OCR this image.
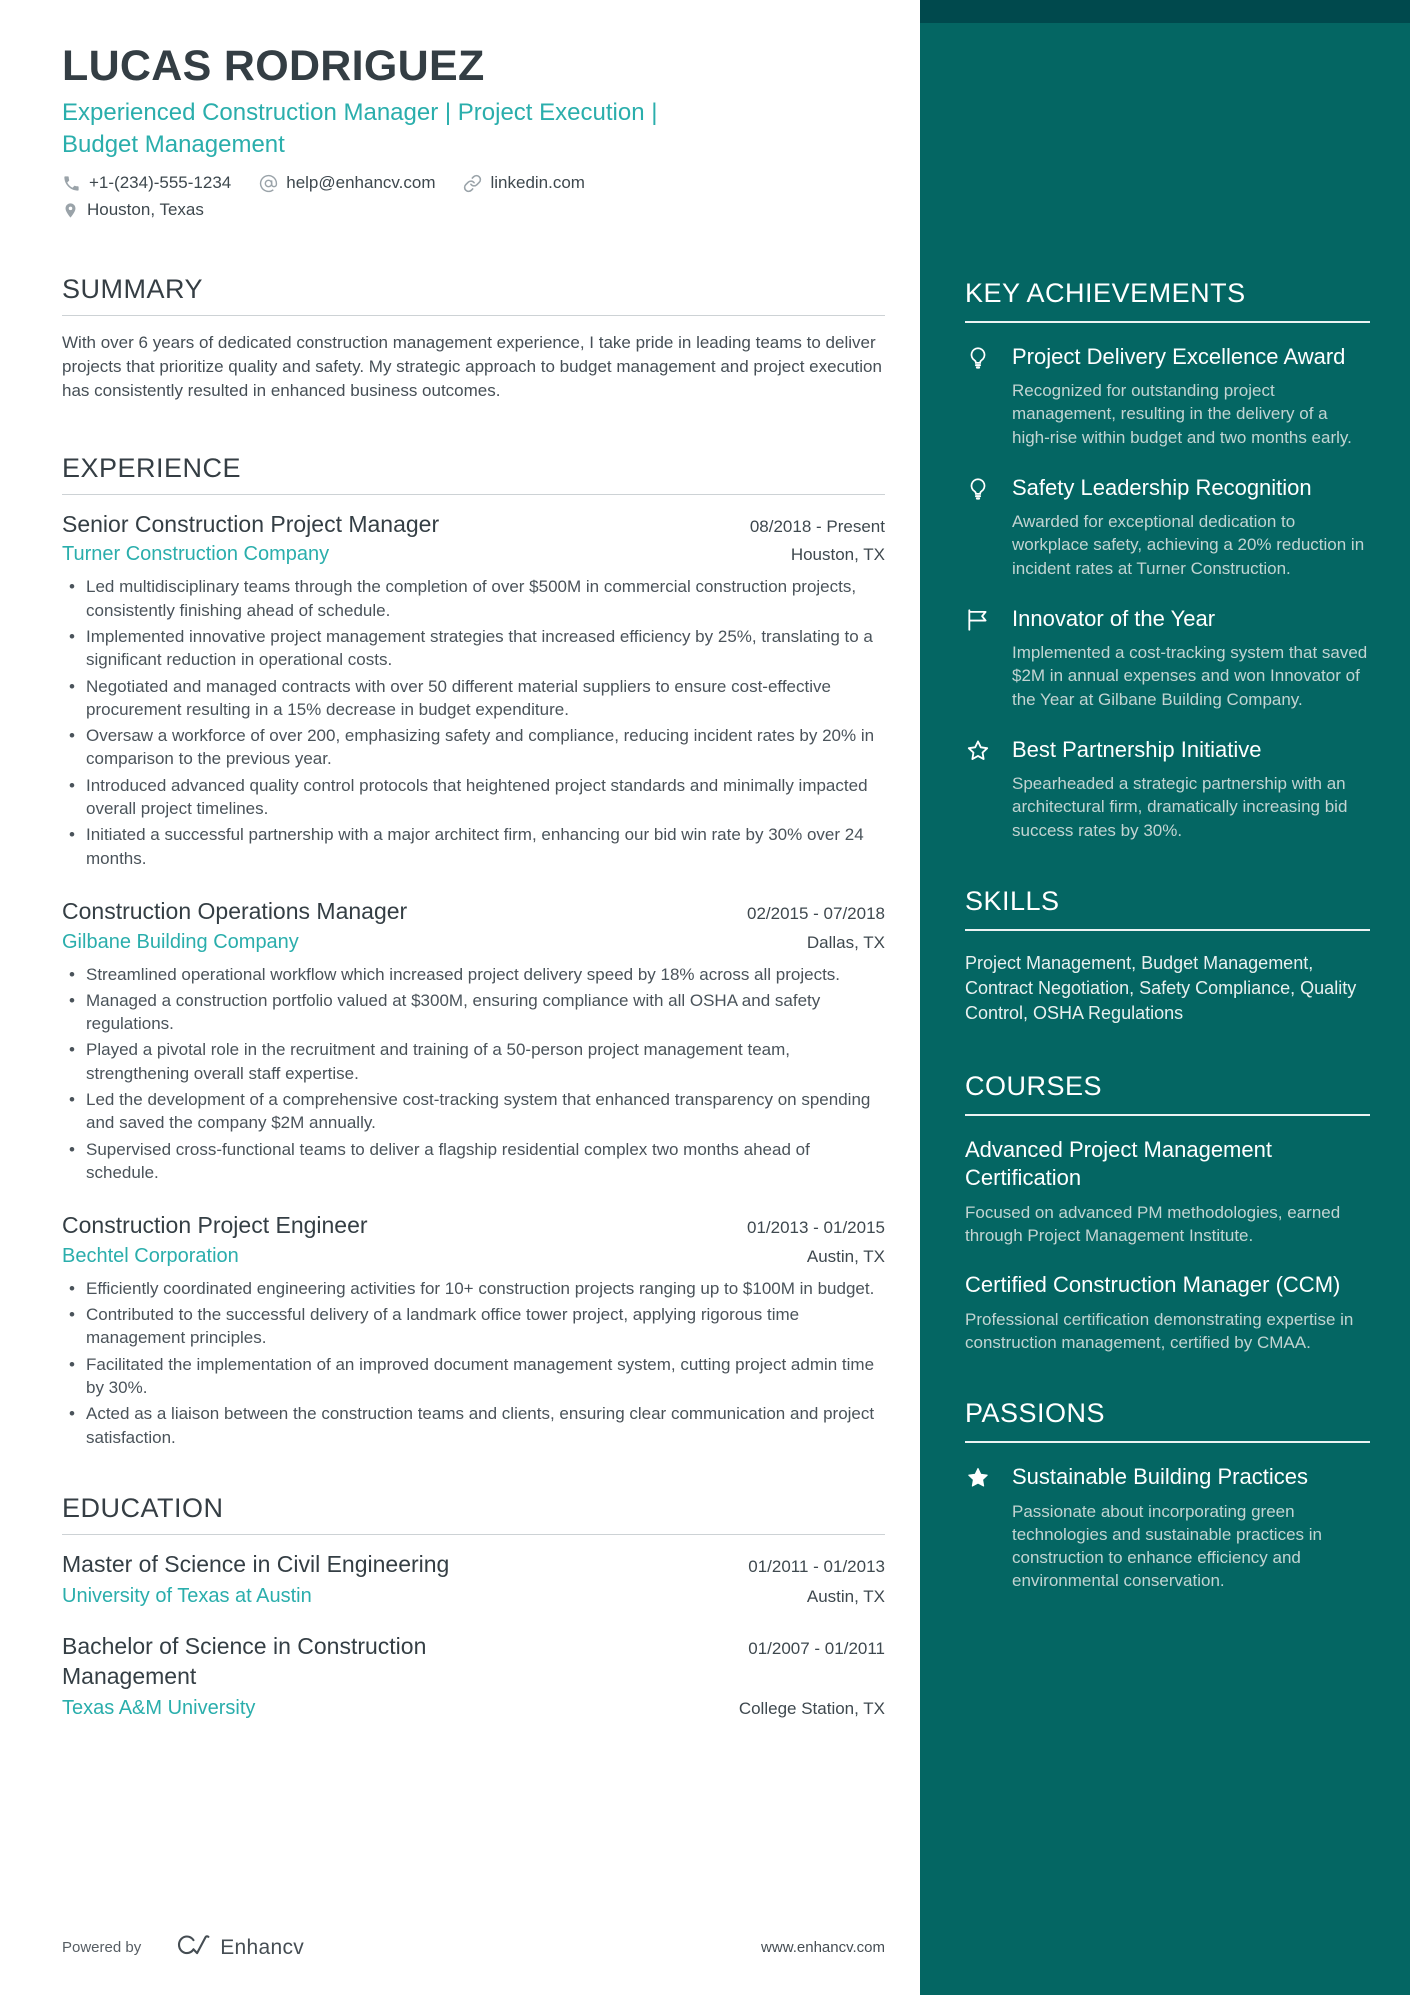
LUCAS RODRIGUEZ
Experienced Construction Manager | Project Execution | Budget Management
+1-(234)-555-1234	help@enhancv.com	linkedin.com
Houston, Texas
SUMMARY

With over 6 years of dedicated construction management experience, I take pride in leading teams to deliver projects that prioritize quality and safety. My strategic approach to budget management and project execution has consistently resulted in enhanced business outcomes.

EXPERIENCE
Senior Construction Project Manager	08/2018 - Present
Turner Construction Company	Houston, TX
• Led multidisciplinary teams through the completion of over $500M in commercial construction projects, consistently finishing ahead of schedule.
• Implemented innovative project management strategies that increased efficiency by 25%, translating to a significant reduction in operational costs.
• Negotiated and managed contracts with over 50 different material suppliers to ensure cost-effective procurement resulting in a 15% decrease in budget expenditure.
• Oversaw a workforce of over 200, emphasizing safety and compliance, reducing incident rates by 20% in comparison to the previous year.
• Introduced advanced quality control protocols that heightened project standards and minimally impacted overall project timelines.
• Initiated a successful partnership with a major architect firm, enhancing our bid win rate by 30% over 24 months.
Construction Operations Manager	02/2015 - 07/2018
Gilbane Building Company	Dallas, TX
• Streamlined operational workflow which increased project delivery speed by 18% across all projects.
• Managed a construction portfolio valued at $300M, ensuring compliance with all OSHA and safety regulations.
• Played a pivotal role in the recruitment and training of a 50-person project management team, strengthening overall staff expertise.
• Led the development of a comprehensive cost-tracking system that enhanced transparency on spending and saved the company $2M annually.
• Supervised cross-functional teams to deliver a flagship residential complex two months ahead of schedule.
Construction Project Engineer	01/2013 - 01/2015
Bechtel Corporation	Austin, TX
• Efficiently coordinated engineering activities for 10+ construction projects ranging up to $100M in budget.
• Contributed to the successful delivery of a landmark office tower project, applying rigorous time management principles.
• Facilitated the implementation of an improved document management system, cutting project admin time by 30%.
• Acted as a liaison between the construction teams and clients, ensuring clear communication and project satisfaction.
EDUCATION
Master of Science in Civil Engineering	01/2011 - 01/2013
University of Texas at Austin	Austin, TX
Bachelor of Science in Construction Management
01/2007 - 01/2011
Texas A&M University	College Station, TX
Powered by	Enhancv	www.enhancv.com
KEY ACHIEVEMENTS
Project Delivery Excellence Award
Recognized for outstanding project management, resulting in the delivery of a high-rise within budget and two months early.
Safety Leadership Recognition
Awarded for exceptional dedication to workplace safety, achieving a 20% reduction in incident rates at Turner Construction.
Innovator of the Year
Implemented a cost-tracking system that saved $2M in annual expenses and won Innovator of the Year at Gilbane Building Company.
Best Partnership Initiative
Spearheaded a strategic partnership with an architectural firm, dramatically increasing bid success rates by 30%.
SKILLS
Project Management, Budget Management, Contract Negotiation, Safety Compliance, Quality Control, OSHA Regulations
COURSES
Advanced Project Management Certification
Focused on advanced PM methodologies, earned through Project Management Institute.
Certified Construction Manager (CCM)
Professional certification demonstrating expertise in construction management, certified by CMAA.
PASSIONS
Sustainable Building Practices
Passionate about incorporating green technologies and sustainable practices in construction to enhance efficiency and environmental conservation.
